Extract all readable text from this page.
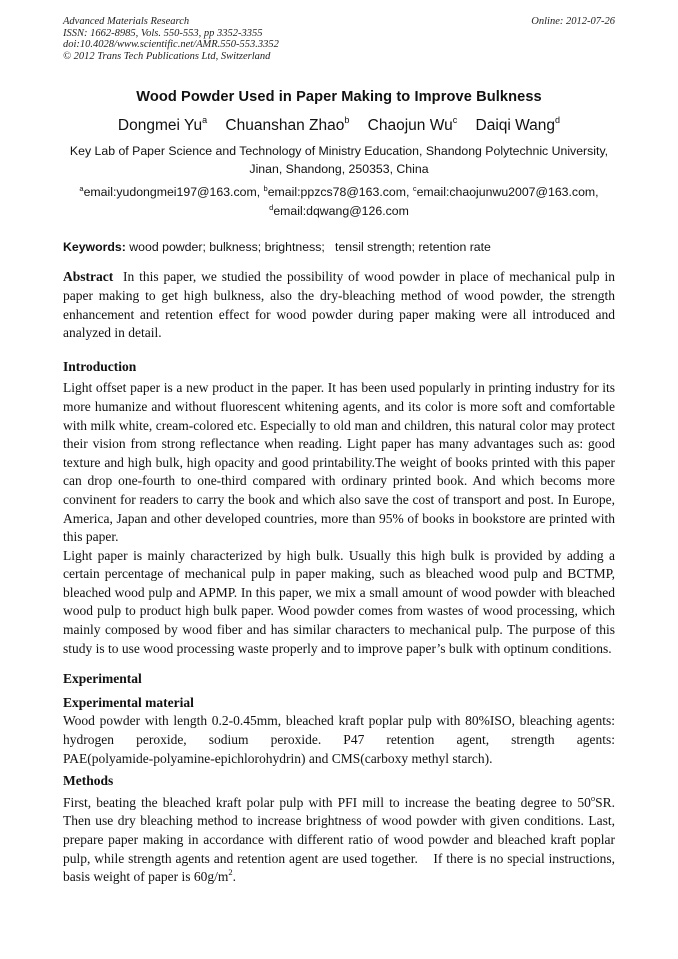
Advanced Materials Research
ISSN: 1662-8985, Vols. 550-553, pp 3352-3355
doi:10.4028/www.scientific.net/AMR.550-553.3352
© 2012 Trans Tech Publications Ltd, Switzerland
Online: 2012-07-26
Wood Powder Used in Paper Making to Improve Bulkness
Dongmei Yu$^a$ Chuanshan Zhao$^b$ Chaojun Wu$^c$ Daiqi Wang$^d$
Key Lab of Paper Science and Technology of Ministry Education, Shandong Polytechnic University,
Jinan, Shandong, 250353, China
$^a$email:yudongmei197@163.com, $^b$email:ppzcs78@163.com, $^c$email:chaojunwu2007@163.com,
$^d$email:dqwang@126.com
Keywords: wood powder; bulkness; brightness;   tensil strength; retention rate

Abstract In this paper, we studied the possibility of wood powder in place of mechanical pulp in paper making to get high bulkness, also the dry-bleaching method of wood powder, the strength enhancement and retention effect for wood powder during paper making were all introduced and analyzed in detail.

Introduction

Light offset paper is a new product in the paper. It has been used popularly in printing industry for its more humanize and without fluorescent whitening agents, and its color is more soft and comfortable with milk white, cream-colored etc. Especially to old man and children, this natural color may protect their vision from strong reflectance when reading. Light paper has many advantages such as: good texture and high bulk, high opacity and good printability.The weight of books printed with this paper can drop one-fourth to one-third compared with ordinary printed book. And which becoms more convinent for readers to carry the book and which also save the cost of transport and post. In Europe, America, Japan and other developed countries, more than 95% of books in bookstore are printed with this paper.

Light paper is mainly characterized by high bulk. Usually this high bulk is provided by adding a certain percentage of mechanical pulp in paper making, such as bleached wood pulp and BCTMP, bleached wood pulp and APMP. In this paper, we mix a small amount of wood powder with bleached wood pulp to product high bulk paper. Wood powder comes from wastes of wood processing, which mainly composed by wood fiber and has similar characters to mechanical pulp. The purpose of this study is to use wood processing waste properly and to improve paper’s bulk with optinum conditions.

Experimental
Experimental material

Wood powder with length 0.2-0.45mm, bleached kraft poplar pulp with 80%ISO, bleaching agents:

hydrogen peroxide, sodium peroxide. P47 retention agent, strength agents:

PAE(polyamide-polyamine-epichlorohydrin) and CMS(carboxy methyl starch).

Methods

First, beating the bleached kraft polar pulp with PFI mill to increase the beating degree to 50$^o$SR. Then use dry bleaching method to increase brightness of wood powder with given conditions. Last, prepare paper making in accordance with different ratio of wood powder and bleached kraft poplar pulp, while strength agents and retention agent are used together.    If there is no special instructions, basis weight of paper is $60g/m^2$.
